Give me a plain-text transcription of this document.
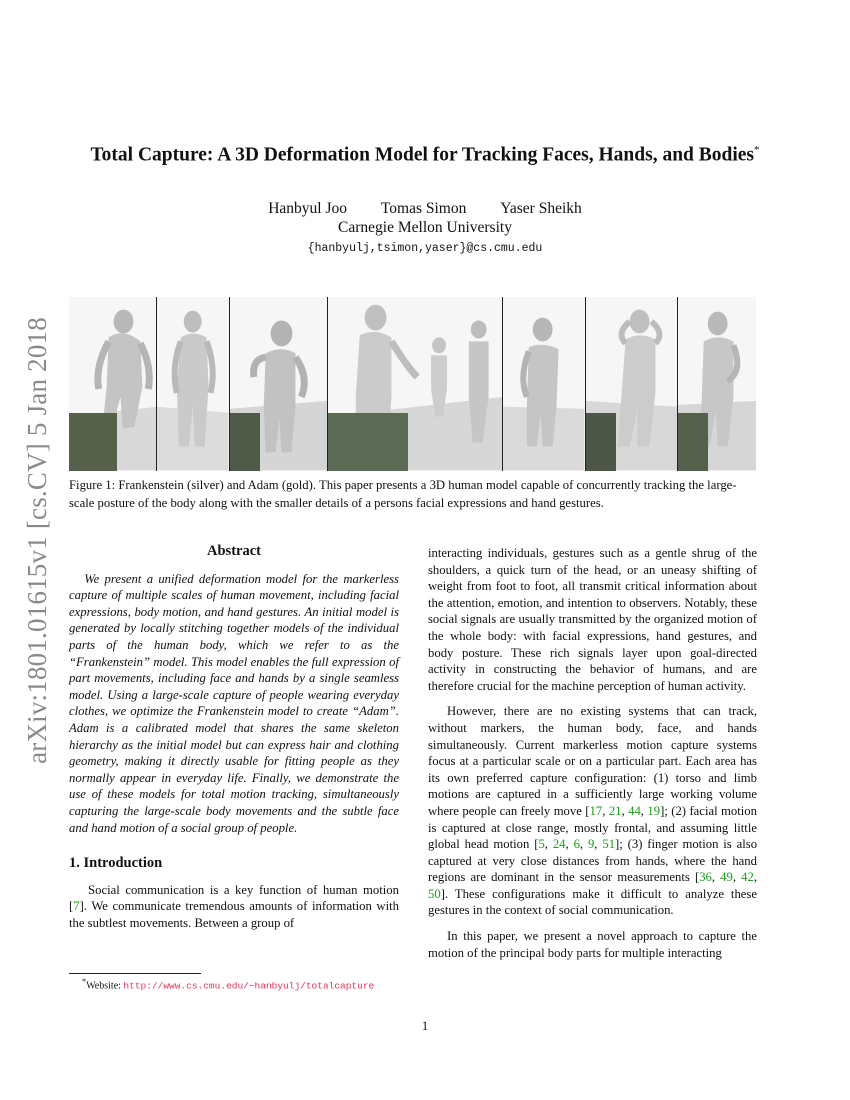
arXiv:1801.01615v1 [cs.CV] 5 Jan 2018
Total Capture: A 3D Deformation Model for Tracking Faces, Hands, and Bodies*
Hanbyul Joo Tomas Simon Yaser Sheikh
Carnegie Mellon University
{hanbyulj,tsimon,yaser}@cs.cmu.edu
Figure 1: Frankenstein (silver) and Adam (gold). This paper presents a 3D human model capable of concurrently tracking the large-scale posture of the body along with the smaller details of a persons facial expressions and hand gestures.

Abstract

We present a unified deformation model for the markerless capture of multiple scales of human movement, including facial expressions, body motion, and hand gestures. An initial model is generated by locally stitching together models of the individual parts of the human body, which we refer to as the “Frankenstein” model. This model enables the full expression of part movements, including face and hands by a single seamless model. Using a large-scale capture of people wearing everyday clothes, we optimize the Frankenstein model to create “Adam”. Adam is a calibrated model that shares the same skeleton hierarchy as the initial model but can express hair and clothing geometry, making it directly usable for fitting people as they normally appear in everyday life. Finally, we demonstrate the use of these models for total motion tracking, simultaneously capturing the large-scale body movements and the subtle face and hand motion of a social group of people.

1. Introduction

Social communication is a key function of human motion [7]. We communicate tremendous amounts of information with the subtlest movements. Between a group of

interacting individuals, gestures such as a gentle shrug of the shoulders, a quick turn of the head, or an uneasy shifting of weight from foot to foot, all transmit critical information about the attention, emotion, and intention to observers. Notably, these social signals are usually transmitted by the organized motion of the whole body: with facial expressions, hand gestures, and body posture. These rich signals layer upon goal-directed activity in constructing the behavior of humans, and are therefore crucial for the machine perception of human activity.

However, there are no existing systems that can track, without markers, the human body, face, and hands simultaneously. Current markerless motion capture systems focus at a particular scale or on a particular part. Each area has its own preferred capture configuration: (1) torso and limb motions are captured in a sufficiently large working volume where people can freely move [17, 21, 44, 19]; (2) facial motion is captured at close range, mostly frontal, and assuming little global head motion [5, 24, 6, 9, 51]; (3) finger motion is also captured at very close distances from hands, where the hand regions are dominant in the sensor measurements [36, 49, 42, 50]. These configurations make it difficult to analyze these gestures in the context of social communication.

In this paper, we present a novel approach to capture the motion of the principal body parts for multiple interacting

*Website: http://www.cs.cmu.edu/~hanbyulj/totalcapture
1
